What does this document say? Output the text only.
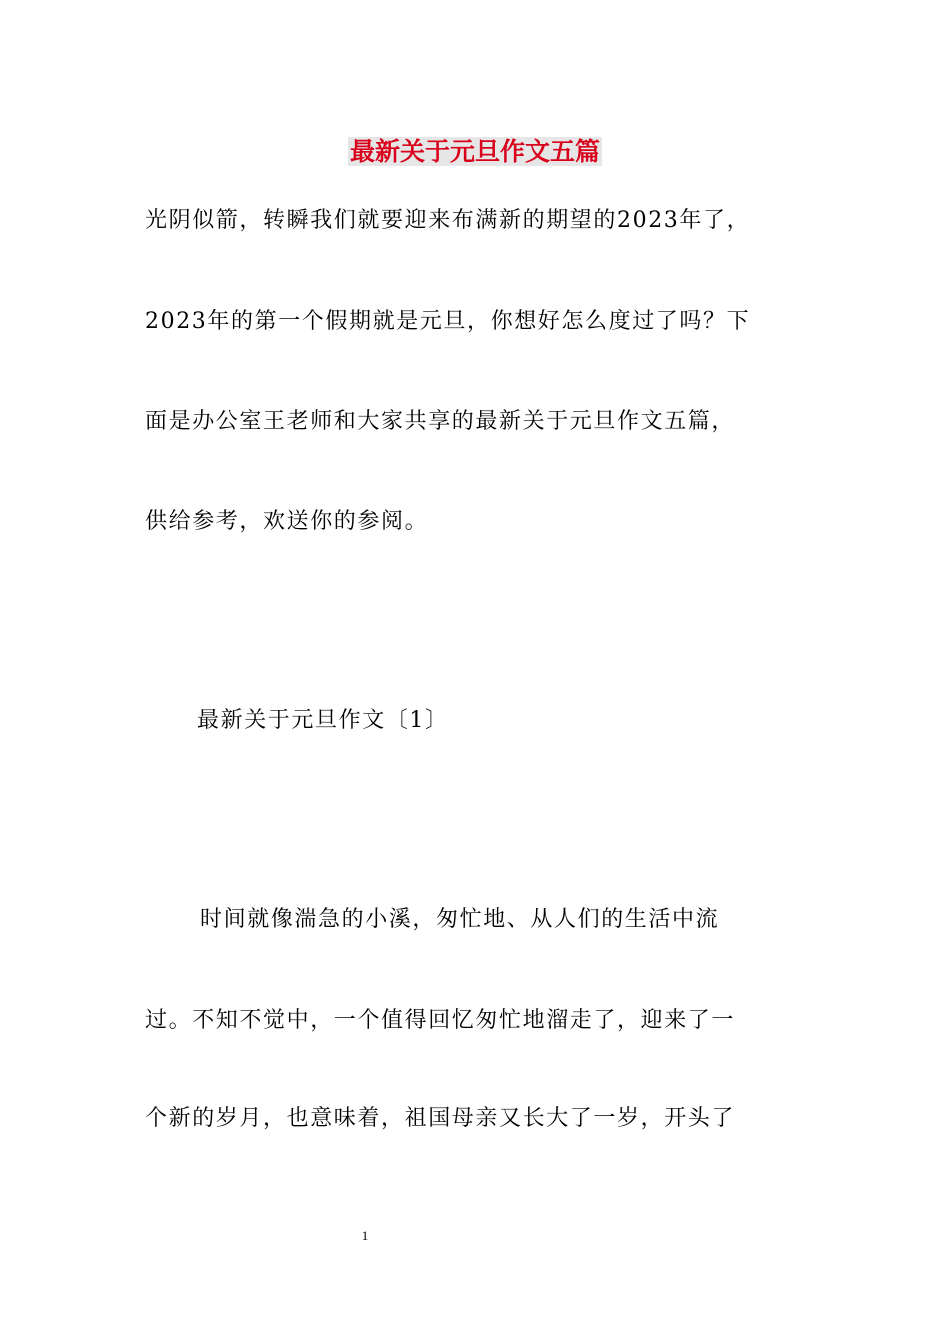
最新关于元旦作文五篇
光阴似箭，转瞬我们就要迎来布满新的期望的2023年了，
2023年的第一个假期就是元旦，你想好怎么度过了吗？下
面是办公室王老师和大家共享的最新关于元旦作文五篇，
供给参考，欢送你的参阅。
最新关于元旦作文〔1〕
时间就像湍急的小溪，匆忙地、从人们的生活中流
过。不知不觉中，一个值得回忆匆忙地溜走了，迎来了一
个新的岁月，也意味着，祖国母亲又长大了一岁，开头了
1
